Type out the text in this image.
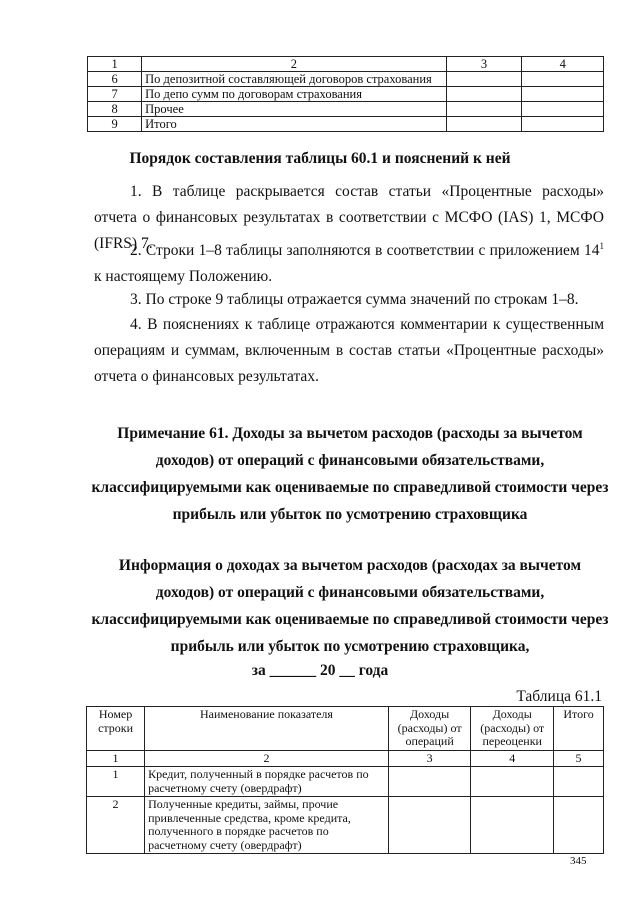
1	2	3	4
6	По депозитной составляющей договоров страхования		
7	По депо сумм по договорам страхования		
8	Прочее		
9	Итого		
Порядок составления таблицы 60.1 и пояснений к ней
1. В таблице раскрывается состав статьи «Процентные расходы» отчета о финансовых результатах в соответствии с МСФО (IAS) 1, МСФО (IFRS) 7.
2. Строки 1–8 таблицы заполняются в соответствии с приложением $14^1$ к настоящему Положению.
3. По строке 9 таблицы отражается сумма значений по строкам 1–8.
4. В пояснениях к таблице отражаются комментарии к существенным операциям и суммам, включенным в состав статьи «Процентные расходы» отчета о финансовых результатах.
Примечание 61. Доходы за вычетом расходов (расходы за вычетом доходов) от операций с финансовыми обязательствами, классифицируемыми как оцениваемые по справедливой стоимости через прибыль или убыток по усмотрению страховщика
Информация о доходах за вычетом расходов (расходах за вычетом доходов) от операций с финансовыми обязательствами, классифицируемыми как оцениваемые по справедливой стоимости через прибыль или убыток по усмотрению страховщика,
за ______ 20 __ года
Таблица 61.1
Номер строки	Наименование показателя	Доходы (расходы) от операций	Доходы (расходы) от переоценки	Итого
1	2	3	4	5
1	Кредит, полученный в порядке расчетов по расчетному счету (овердрафт)			
2	Полученные кредиты, займы, прочие привлеченные средства, кроме кредита, полученного в порядке расчетов по расчетному счету (овердрафт)			
345
